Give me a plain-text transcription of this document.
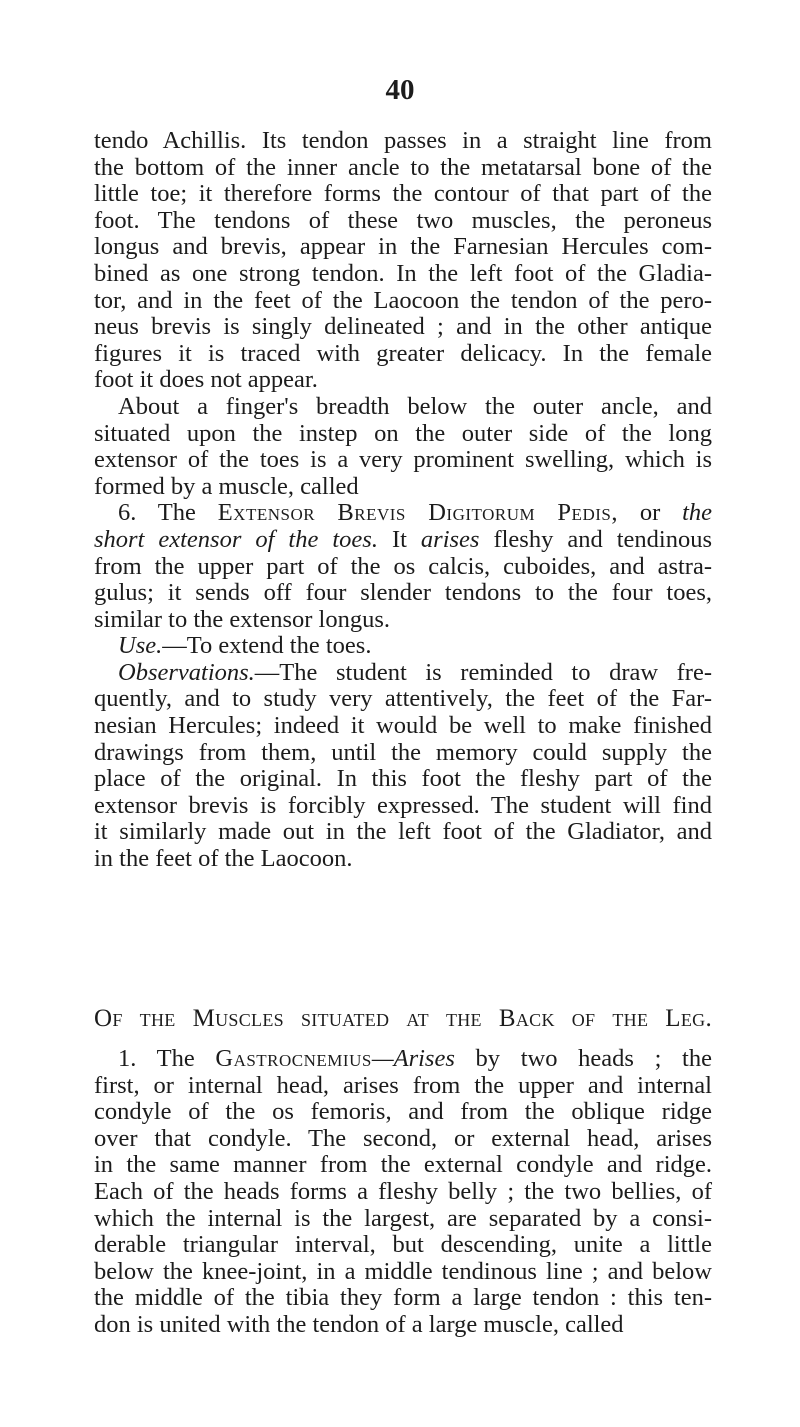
40
tendo Achillis. Its tendon passes in a straight line from
the bottom of the inner ancle to the metatarsal bone of the
little toe; it therefore forms the contour of that part of the
foot. The tendons of these two muscles, the peroneus
longus and brevis, appear in the Farnesian Hercules com-
bined as one strong tendon. In the left foot of the Gladia-
tor, and in the feet of the Laocoon the tendon of the pero-
neus brevis is singly delineated ; and in the other antique
figures it is traced with greater delicacy. In the female
foot it does not appear.
About a finger's breadth below the outer ancle, and
situated upon the instep on the outer side of the long
extensor of the toes is a very prominent swelling, which is
formed by a muscle, called
6. The Extensor Brevis Digitorum Pedis, or the
short extensor of the toes. It arises fleshy and tendinous
from the upper part of the os calcis, cuboides, and astra-
gulus; it sends off four slender tendons to the four toes,
similar to the extensor longus.
Use.—To extend the toes.
Observations.—The student is reminded to draw fre-
quently, and to study very attentively, the feet of the Far-
nesian Hercules; indeed it would be well to make finished
drawings from them, until the memory could supply the
place of the original. In this foot the fleshy part of the
extensor brevis is forcibly expressed. The student will find
it similarly made out in the left foot of the Gladiator, and
in the feet of the Laocoon.
Of the Muscles situated at the Back of the Leg.
1. The Gastrocnemius—Arises by two heads ; the
first, or internal head, arises from the upper and internal
condyle of the os femoris, and from the oblique ridge
over that condyle. The second, or external head, arises
in the same manner from the external condyle and ridge.
Each of the heads forms a fleshy belly ; the two bellies, of
which the internal is the largest, are separated by a consi-
derable triangular interval, but descending, unite a little
below the knee-joint, in a middle tendinous line ; and below
the middle of the tibia they form a large tendon : this ten-
don is united with the tendon of a large muscle, called
